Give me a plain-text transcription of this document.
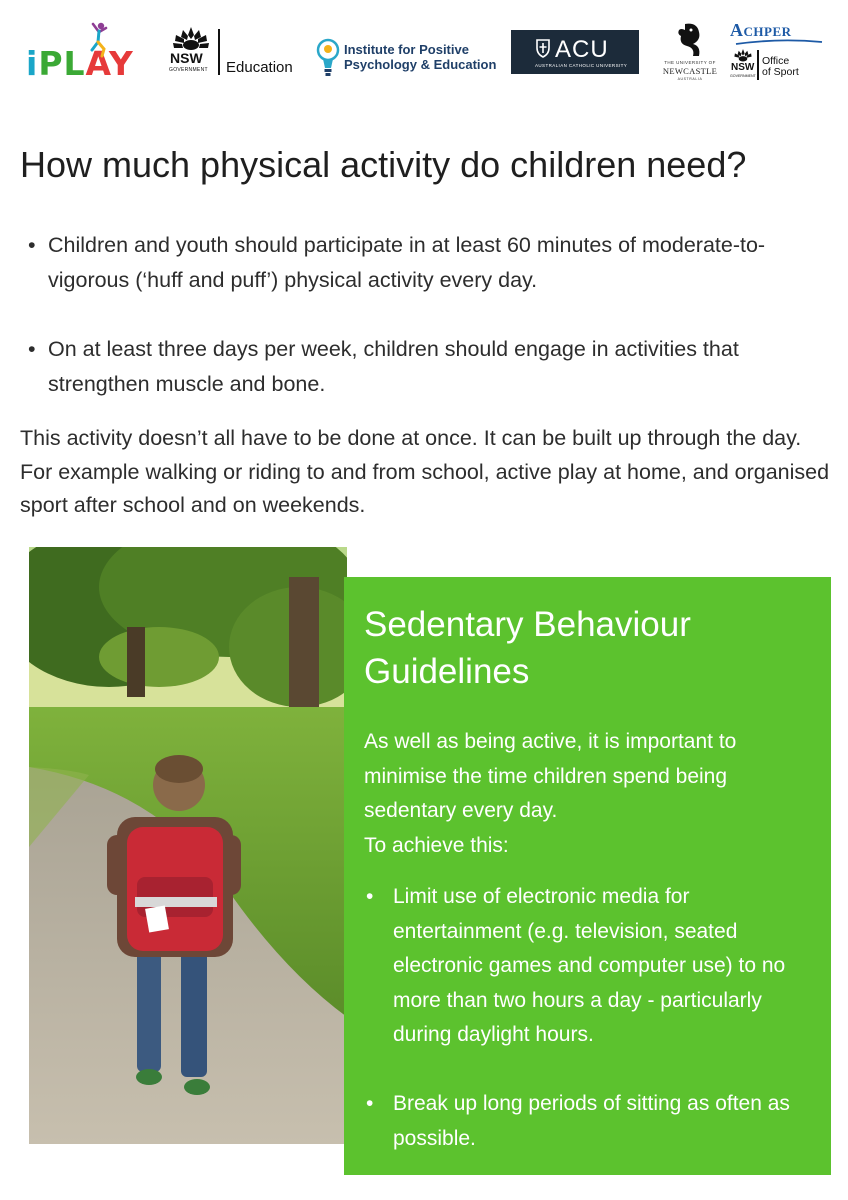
iPLAY	NSW
GOVERNMENT Education
Institute for Positive
Psychology & Education
ACU
AUSTRALIAN CATHOLIC UNIVERSITY
THE UNIVERSITY OF
NEWCASTLE
AUSTRALIA
Achper
NSW
GOVERNMENT
Office
of Sport
How much physical activity do children need?
• Children and youth should participate in at least 60 minutes of moderate-to-vigorous (‘huff and puff’) physical activity every day.
• On at least three days per week, children should engage in activities that strengthen muscle and bone.

This activity doesn’t all have to be done at once. It can be built up through the day. For example walking or riding to and from school, active play at home, and organised sport after school and on weekends.

Sedentary Behaviour Guidelines

As well as being active, it is important to minimise the time children spend being sedentary every day.

To achieve this:

• Limit use of electronic media for entertainment (e.g. television, seated electronic games and computer use) to no more than two hours a day - particularly during daylight hours.
• Break up long periods of sitting as often as possible.
